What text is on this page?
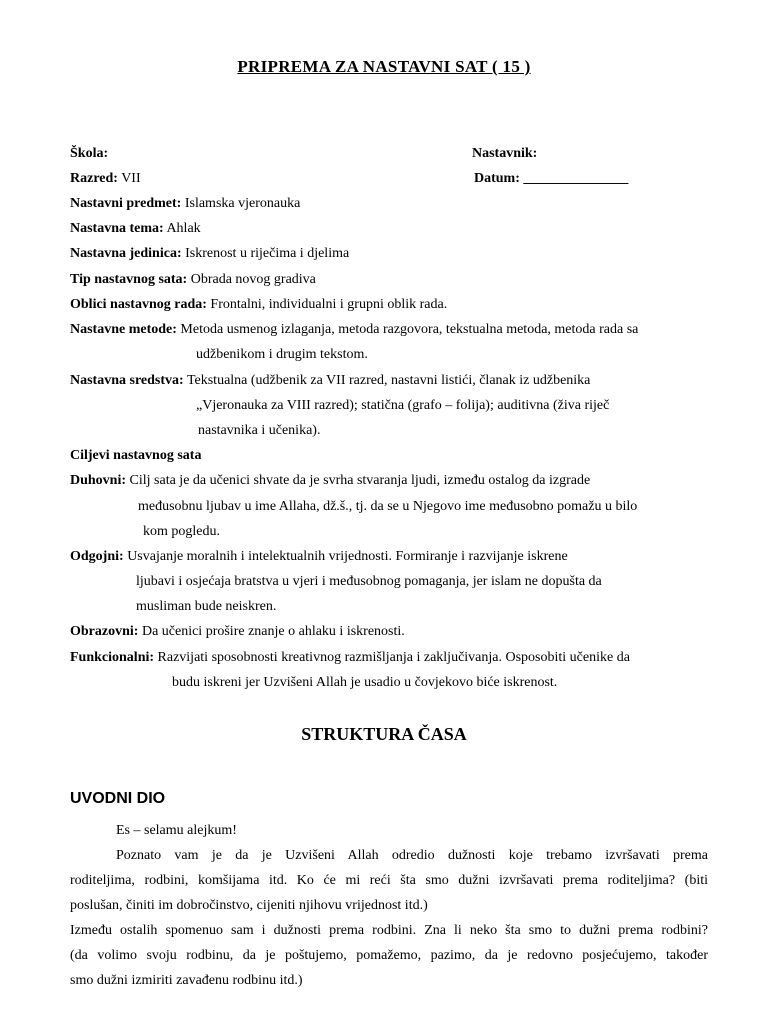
PRIPREMA ZA NASTAVNI SAT ( 15 )
Škola:	Nastavnik:
Razred: VII	Datum: _______________
Nastavni predmet: Islamska vjeronauka
Nastavna tema: Ahlak
Nastavna jedinica: Iskrenost u riječima i djelima
Tip nastavnog sata: Obrada novog gradiva
Oblici nastavnog rada: Frontalni, individualni i grupni oblik rada.
Nastavne metode: Metoda usmenog izlaganja, metoda razgovora, tekstualna metoda, metoda rada sa
udžbenikom i drugim tekstom.
Nastavna sredstva: Tekstualna (udžbenik za VII razred, nastavni listići, članak iz udžbenika
„Vjeronauka za VIII razred); statična (grafo – folija); auditivna (živa riječ
nastavnika i učenika).
Ciljevi nastavnog sata
Duhovni: Cilj sata je da učenici shvate da je svrha stvaranja ljudi, između ostalog da izgrade
međusobnu ljubav u ime Allaha, dž.š., tj. da se u Njegovo ime međusobno pomažu u bilo
kom pogledu.
Odgojni: Usvajanje moralnih i intelektualnih vrijednosti. Formiranje i razvijanje iskrene
ljubavi i osjećaja bratstva u vjeri i međusobnog pomaganja, jer islam ne dopušta da
musliman bude neiskren.
Obrazovni: Da učenici prošire znanje o ahlaku i iskrenosti.
Funkcionalni: Razvijati sposobnosti kreativnog razmišljanja i zaključivanja. Osposobiti učenike da
budu iskreni jer Uzvišeni Allah je usadio u čovjekovo biće iskrenost.
STRUKTURA ČASA
UVODNI DIO
Es – selamu alejkum!
Poznato vam je da je Uzvišeni Allah odredio dužnosti koje trebamo izvršavati prema
roditeljima, rodbini, komšijama itd. Ko će mi reći šta smo dužni izvršavati prema roditeljima? (biti
poslušan, činiti im dobročinstvo, cijeniti njihovu vrijednost itd.)
Između ostalih spomenuo sam i dužnosti prema rodbini. Zna li neko šta smo to dužni prema rodbini?
(da volimo svoju rodbinu, da je poštujemo, pomažemo, pazimo, da je redovno posjećujemo, također
smo dužni izmiriti zavađenu rodbinu itd.)
